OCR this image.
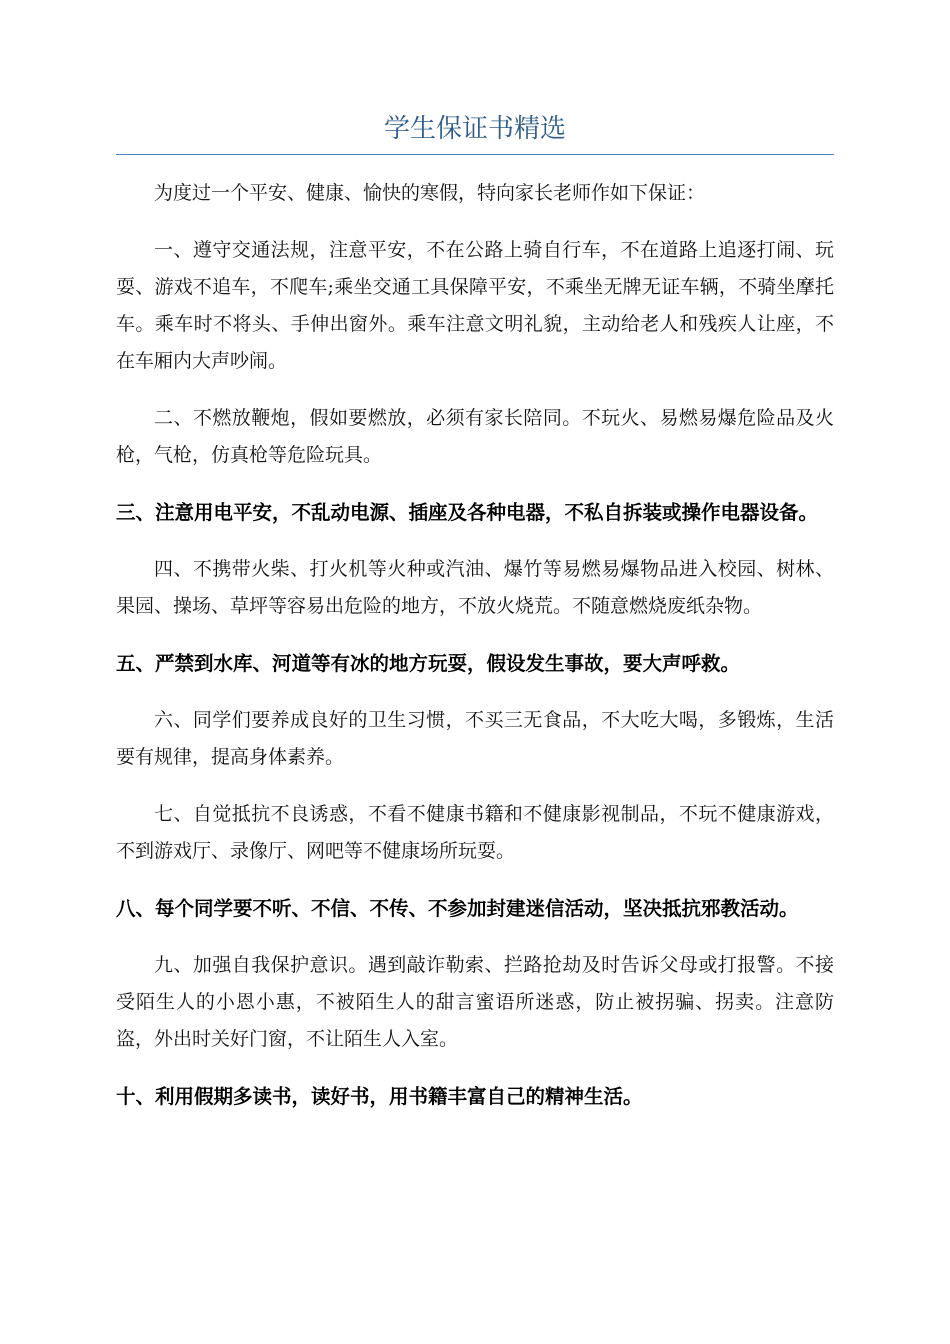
学生保证书精选

为度过一个平安、健康、愉快的寒假，特向家长老师作如下保证：

一、遵守交通法规，注意平安，不在公路上骑自行车，不在道路上追逐打闹、玩耍、游戏不追车，不爬车;乘坐交通工具保障平安，不乘坐无牌无证车辆，不骑坐摩托车。乘车时不将头、手伸出窗外。乘车注意文明礼貌，主动给老人和残疾人让座，不在车厢内大声吵闹。

二、不燃放鞭炮，假如要燃放，必须有家长陪同。不玩火、易燃易爆危险品及火枪，气枪，仿真枪等危险玩具。

三、注意用电平安，不乱动电源、插座及各种电器，不私自拆装或操作电器设备。

四、不携带火柴、打火机等火种或汽油、爆竹等易燃易爆物品进入校园、树林、果园、操场、草坪等容易出危险的地方，不放火烧荒。不随意燃烧废纸杂物。

五、严禁到水库、河道等有冰的地方玩耍，假设发生事故，要大声呼救。

六、同学们要养成良好的卫生习惯，不买三无食品，不大吃大喝，多锻炼，生活要有规律，提高身体素养。

七、自觉抵抗不良诱惑，不看不健康书籍和不健康影视制品，不玩不健康游戏，不到游戏厅、录像厅、网吧等不健康场所玩耍。

八、每个同学要不听、不信、不传、不参加封建迷信活动，坚决抵抗邪教活动。

九、加强自我保护意识。遇到敲诈勒索、拦路抢劫及时告诉父母或打报警。不接受陌生人的小恩小惠，不被陌生人的甜言蜜语所迷惑，防止被拐骗、拐卖。注意防盗，外出时关好门窗，不让陌生人入室。

十、利用假期多读书，读好书，用书籍丰富自己的精神生活。
